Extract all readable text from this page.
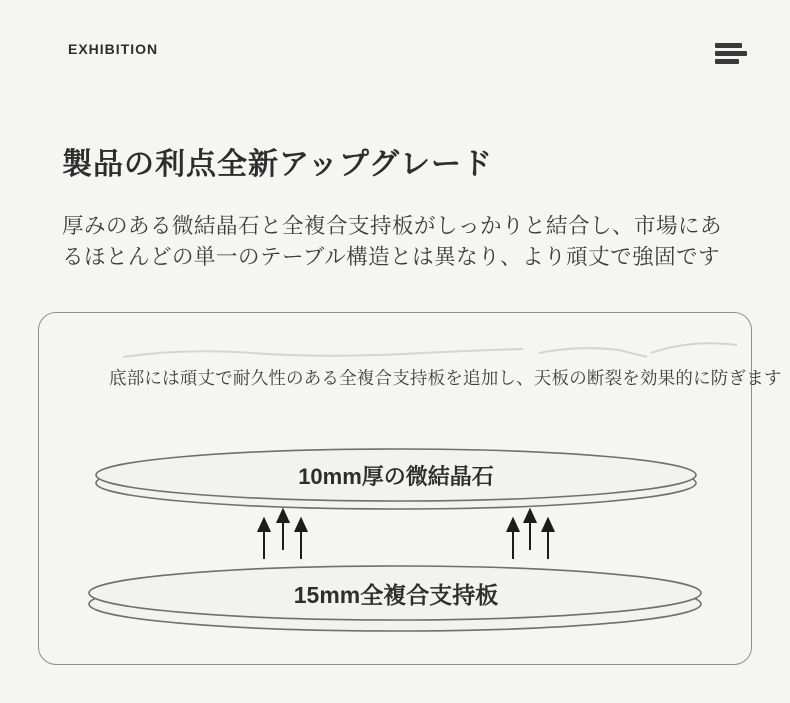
EXHIBITION
製品の利点全新アップグレード

厚みのある微結晶石と全複合支持板がしっかりと結合し、市場にあ
るほとんどの単一のテーブル構造とは異なり、より頑丈で強固です

底部には頑丈で耐久性のある全複合支持板を追加し、天板の断裂を効果的に防ぎます
10mm厚の微結晶石
15mm全複合支持板
